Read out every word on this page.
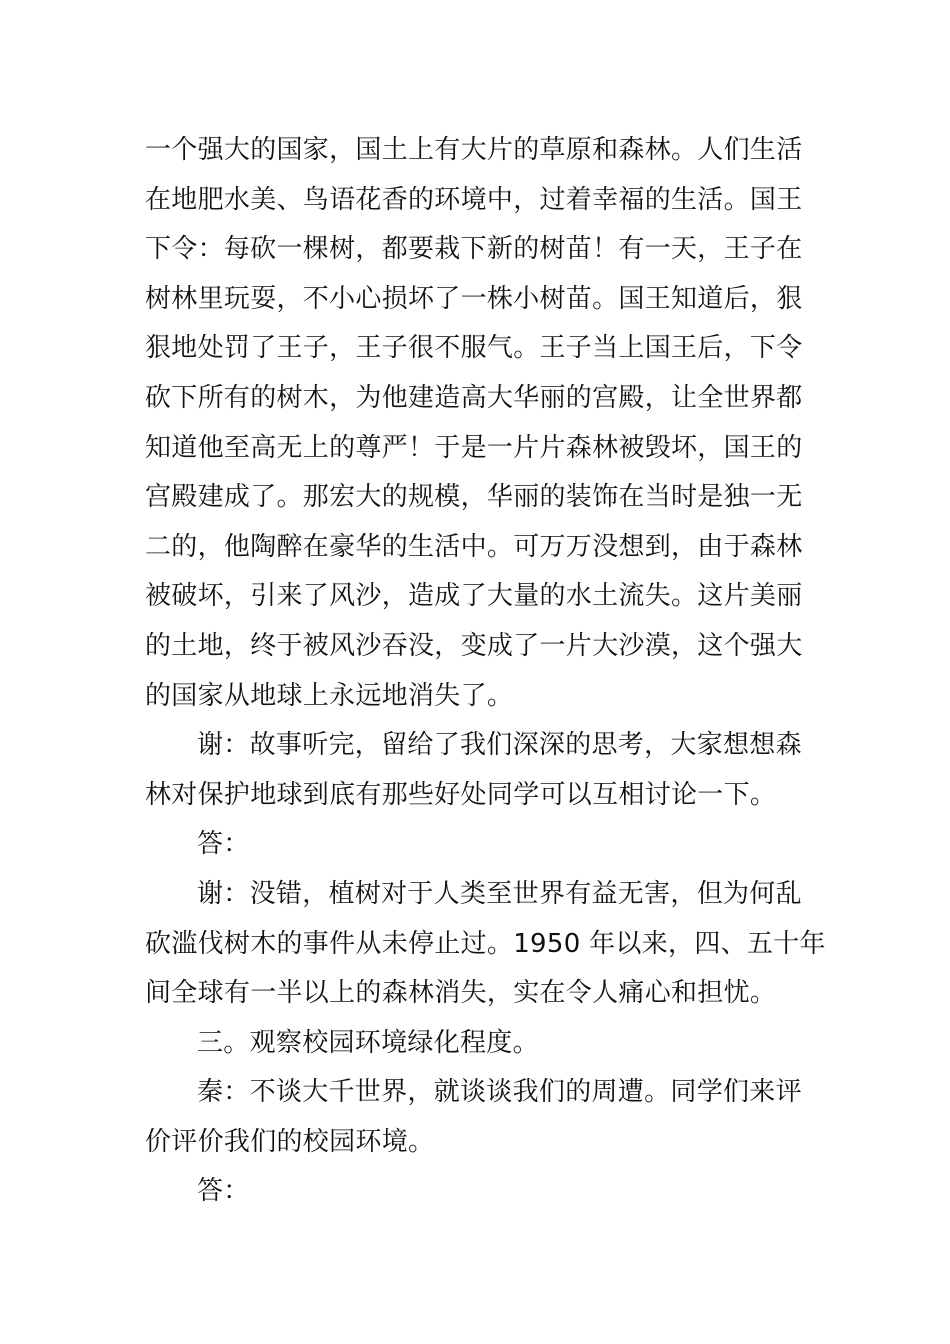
一个强大的国家，国土上有大片的草原和森林。人们生活
在地肥水美、鸟语花香的环境中，过着幸福的生活。国王
下令：每砍一棵树，都要栽下新的树苗！有一天，王子在
树林里玩耍，不小心损坏了一株小树苗。国王知道后，狠
狠地处罚了王子，王子很不服气。王子当上国王后，下令
砍下所有的树木，为他建造高大华丽的宫殿，让全世界都
知道他至高无上的尊严！于是一片片森林被毁坏，国王的
宫殿建成了。那宏大的规模，华丽的装饰在当时是独一无
二的，他陶醉在豪华的生活中。可万万没想到，由于森林
被破坏，引来了风沙，造成了大量的水土流失。这片美丽
的土地，终于被风沙吞没，变成了一片大沙漠，这个强大
的国家从地球上永远地消失了。
谢：故事听完，留给了我们深深的思考，大家想想森
林对保护地球到底有那些好处同学可以互相讨论一下。
答：
谢：没错，植树对于人类至世界有益无害，但为何乱
砍滥伐树木的事件从未停止过。1950 年以来，四、五十年
间全球有一半以上的森林消失，实在令人痛心和担忧。
三。观察校园环境绿化程度。
秦：不谈大千世界，就谈谈我们的周遭。同学们来评
价评价我们的校园环境。
答：
